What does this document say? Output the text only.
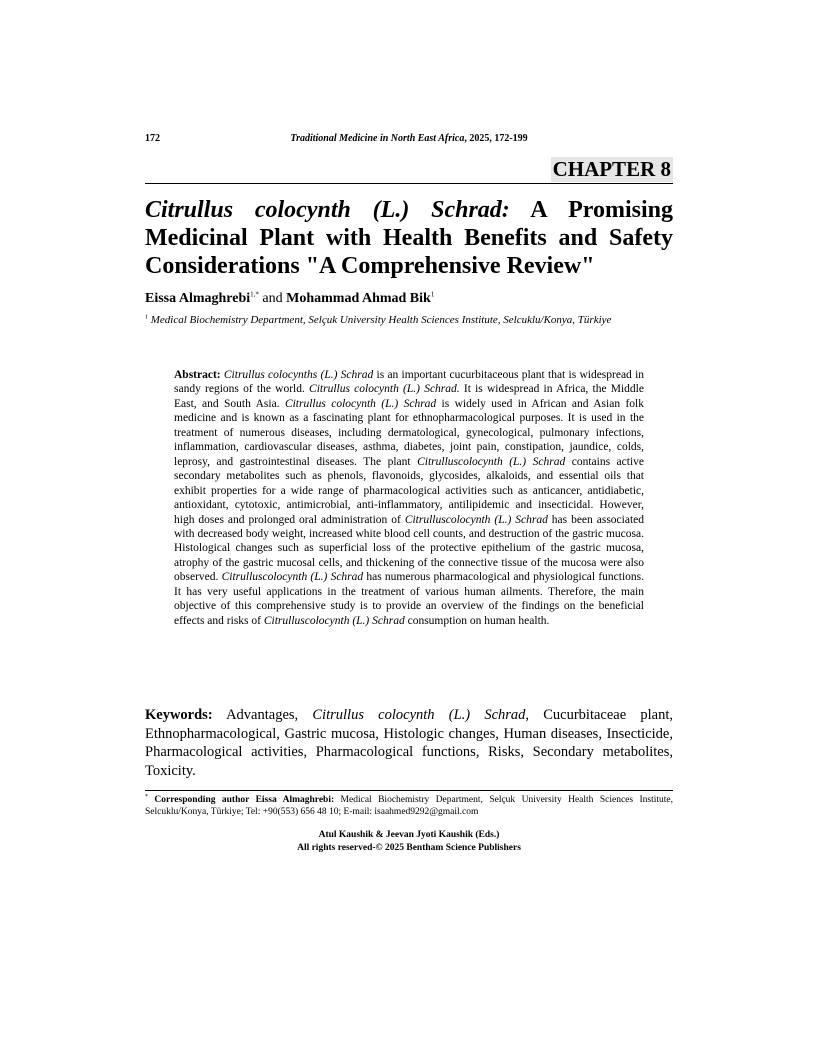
172	Traditional Medicine in North East Africa, 2025, 172-199
CHAPTER 8
Citrullus colocynth (L.) Schrad: A Promising Medicinal Plant with Health Benefits and Safety Considerations "A Comprehensive Review"
Eissa Almaghrebi$^{1,*}$ and Mohammad Ahmad Bik$^1$
$^1$ Medical Biochemistry Department, Selçuk University Health Sciences Institute, Selcuklu/Konya, Türkiye

Abstract: Citrullus colocynths (L.) Schrad is an important cucurbitaceous plant that is widespread in sandy regions of the world. Citrullus colocynth (L.) Schrad. It is widespread in Africa, the Middle East, and South Asia. Citrullus colocynth (L.) Schrad is widely used in African and Asian folk medicine and is known as a fascinating plant for ethnopharmacological purposes. It is used in the treatment of numerous diseases, including dermatological, gynecological, pulmonary infections, inflammation, cardiovascular diseases, asthma, diabetes, joint pain, constipation, jaundice, colds, leprosy, and gastrointestinal diseases. The plant Citrulluscolocynth (L.) Schrad contains active secondary metabolites such as phenols, flavonoids, glycosides, alkaloids, and essential oils that exhibit properties for a wide range of pharmacological activities such as anticancer, antidiabetic, antioxidant, cytotoxic, antimicrobial, anti-inflammatory, antilipidemic and insecticidal. However, high doses and prolonged oral administration of Citrulluscolocynth (L.) Schrad has been associated with decreased body weight, increased white blood cell counts, and destruction of the gastric mucosa. Histological changes such as superficial loss of the protective epithelium of the gastric mucosa, atrophy of the gastric mucosal cells, and thickening of the connective tissue of the mucosa were also observed. Citrulluscolocynth (L.) Schrad has numerous pharmacological and physiological functions. It has very useful applications in the treatment of various human ailments. Therefore, the main objective of this comprehensive study is to provide an overview of the findings on the beneficial effects and risks of Citrulluscolocynth (L.) Schrad consumption on human health.

Keywords: Advantages, Citrullus colocynth (L.) Schrad, Cucurbitaceae plant, Ethnopharmacological, Gastric mucosa, Histologic changes, Human diseases, Insecticide, Pharmacological activities, Pharmacological functions, Risks, Secondary metabolites, Toxicity.

* Corresponding author Eissa Almaghrebi: Medical Biochemistry Department, Selçuk University Health Sciences Institute, Selcuklu/Konya, Türkiye; Tel: +90(553) 656 48 10; E-mail: isaahmed9292@gmail.com

Atul Kaushik & Jeevan Jyoti Kaushik (Eds.)
All rights reserved-© 2025 Bentham Science Publishers
